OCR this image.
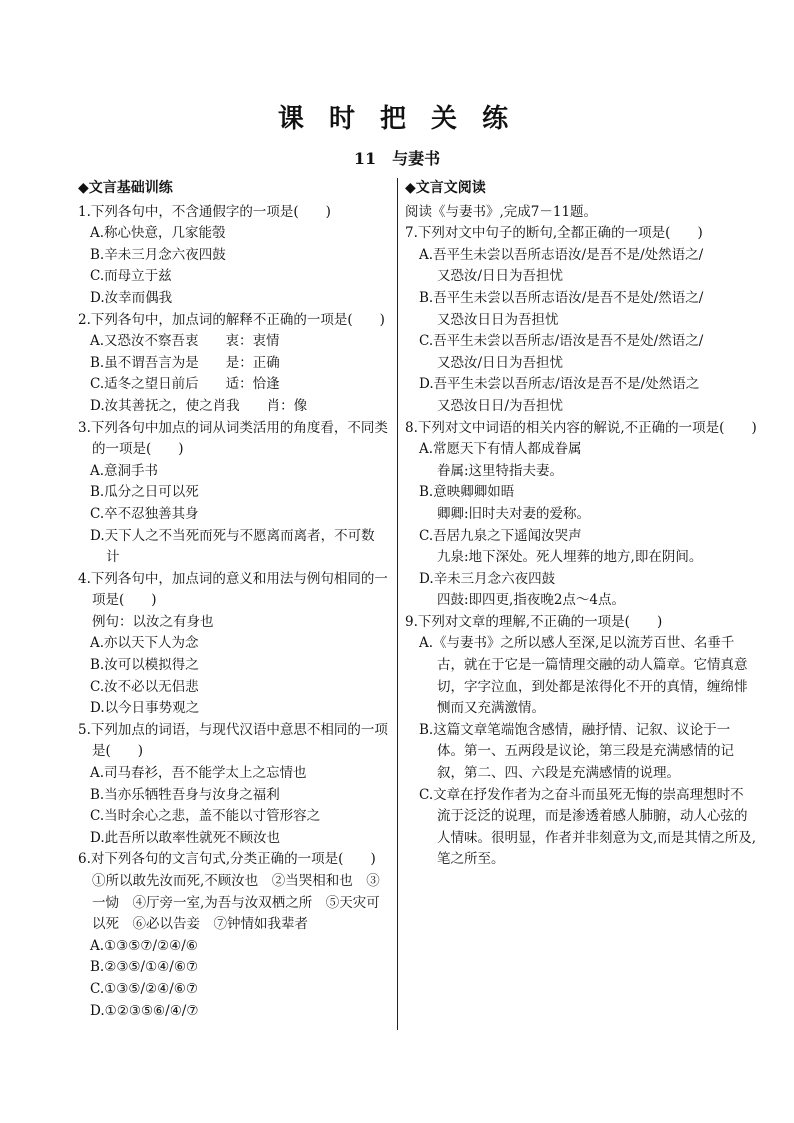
课 时 把 关 练
11 与妻书
◆文言基础训练
1.下列各句中，不含通假字的一项是(　　)
A.称心快意，几家能彀
B.辛未三月念六夜四鼓
C.而母立于兹
D.汝幸而偶我
2.下列各句中，加点词的解释不正确的一项是(　　)
A.又恐汝不察吾衷　　衷：衷情
B.虽不谓吾言为是　　是：正确
C.适冬之望日前后　　适：恰逢
D.汝其善抚之，使之肖我　　肖：像
3.下列各句中加点的词从词类活用的角度看，不同类的一项是(　　)
A.意洞手书
B.瓜分之日可以死
C.卒不忍独善其身
D.天下人之不当死而死与不愿离而离者，不可数计
4.下列各句中，加点词的意义和用法与例句相同的一项是(　　)
例句：以汝之有身也
A.亦以天下人为念
B.汝可以模拟得之
C.汝不必以无侣悲
D.以今日事势观之
5.下列加点的词语，与现代汉语中意思不相同的一项是(　　)
A.司马春衫，吾不能学太上之忘情也
B.当亦乐牺牲吾身与汝身之福利
C.当时余心之悲，盖不能以寸管形容之
D.此吾所以敢率性就死不顾汝也
6.对下列各句的文言句式,分类正确的一项是(　　)
①所以敢先汝而死,不顾汝也　②当哭相和也　③一恸　④厅旁一室,为吾与汝双栖之所　⑤天灾可以死　⑥必以告妾　⑦钟情如我辈者
A.①③⑤⑦/②④/⑥
B.②③⑤/①④/⑥⑦
C.①③⑤/②④/⑥⑦
D.①②③⑤⑥/④/⑦
◆文言文阅读
阅读《与妻书》,完成7－11题。
7.下列对文中句子的断句,全都正确的一项是(　　)
A.吾平生未尝以吾所志语汝/是吾不是/处然语之/
又恐汝/日日为吾担忧
B.吾平生未尝以吾所志语汝/是吾不是处/然语之/
又恐汝日日为吾担忧
C.吾平生未尝以吾所志/语汝是吾不是处/然语之/
又恐汝/日日为吾担忧
D.吾平生未尝以吾所志/语汝是吾不是/处然语之
又恐汝日日/为吾担忧
8.下列对文中词语的相关内容的解说,不正确的一项是(　　)
A.常愿天下有情人都成眷属
眷属:这里特指夫妻。
B.意映卿卿如晤
卿卿:旧时夫对妻的爱称。
C.吾居九泉之下遥闻汝哭声
九泉:地下深处。死人埋葬的地方,即在阴间。
D.辛未三月念六夜四鼓
四鼓:即四更,指夜晚2点～4点。
9.下列对文章的理解,不正确的一项是(　　)
A.《与妻书》之所以感人至深,足以流芳百世、名垂千古，就在于它是一篇情理交融的动人篇章。它情真意切，字字泣血，到处都是浓得化不开的真情，缠绵悱恻而又充满激情。
B.这篇文章笔端饱含感情，融抒情、记叙、议论于一体。第一、五两段是议论，第三段是充满感情的记叙，第二、四、六段是充满感情的说理。
C.文章在抒发作者为之奋斗而虽死无悔的崇高理想时不流于泛泛的说理，而是渗透着感人肺腑，动人心弦的人情味。很明显，作者并非刻意为文,而是其情之所及,笔之所至。
